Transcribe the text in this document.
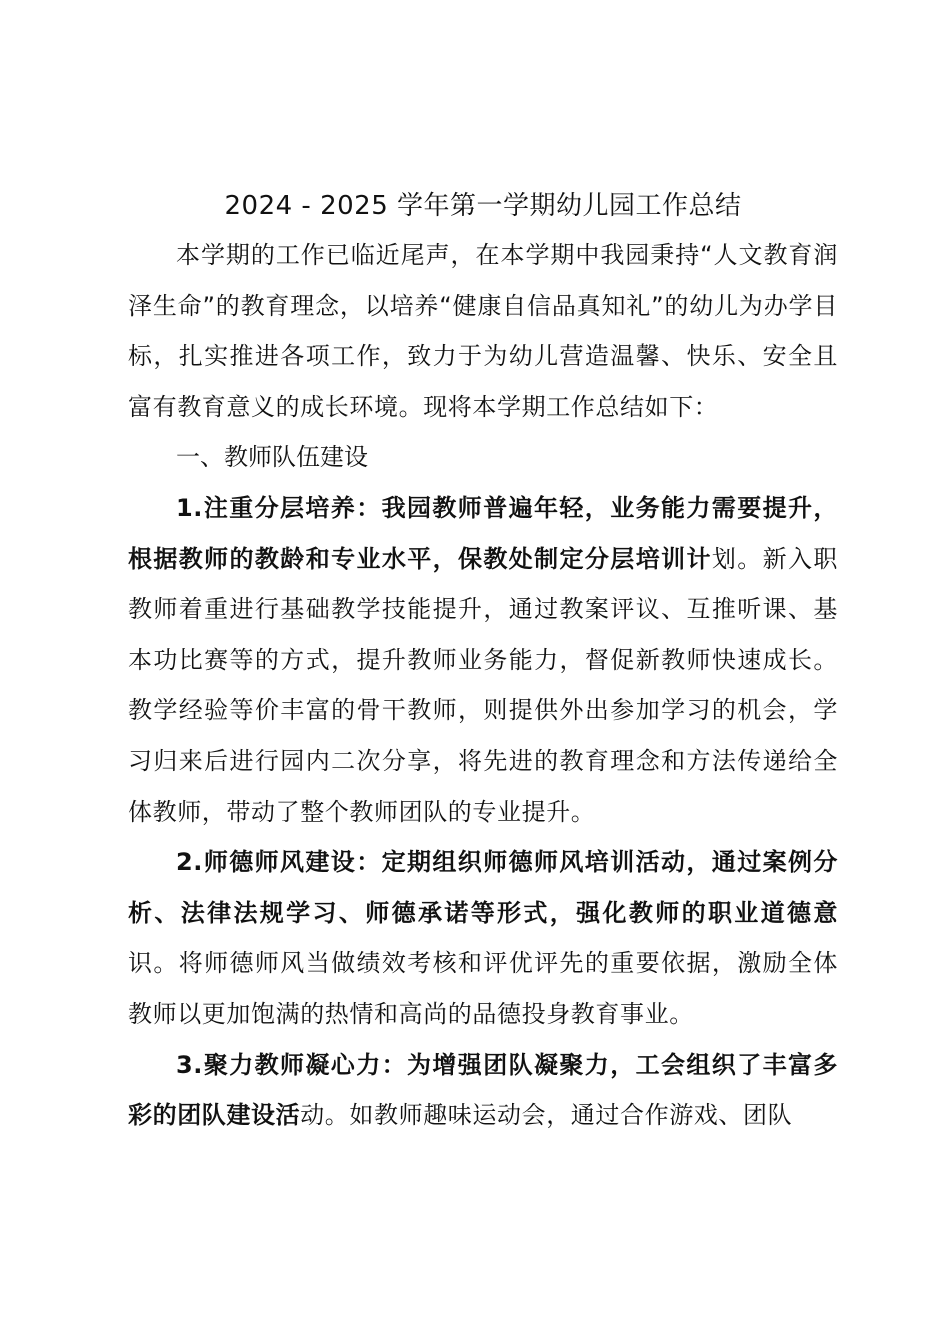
2024 - 2025 学年第一学期幼儿园工作总结

本学期的工作已临近尾声，在本学期中我园秉持“人文教育润泽生命”的教育理念，以培养“健康自信品真知礼”的幼儿为办学目标，扎实推进各项工作，致力于为幼儿营造温馨、快乐、安全且富有教育意义的成长环境。现将本学期工作总结如下：

一、教师队伍建设

1.注重分层培养：我园教师普遍年轻，业务能力需要提升，根据教师的教龄和专业水平，保教处制定分层培训计划。新入职教师着重进行基础教学技能提升，通过教案评议、互推听课、基本功比赛等的方式，提升教师业务能力，督促新教师快速成长。教学经验等价丰富的骨干教师，则提供外出参加学习的机会，学习归来后进行园内二次分享，将先进的教育理念和方法传递给全体教师，带动了整个教师团队的专业提升。

2.师德师风建设：定期组织师德师风培训活动，通过案例分析、法律法规学习、师德承诺等形式，强化教师的职业道德意识。将师德师风当做绩效考核和评优评先的重要依据，激励全体教师以更加饱满的热情和高尚的品德投身教育事业。

3.聚力教师凝心力：为增强团队凝聚力，工会组织了丰富多彩的团队建设活动。如教师趣味运动会，通过合作游戏、团队
